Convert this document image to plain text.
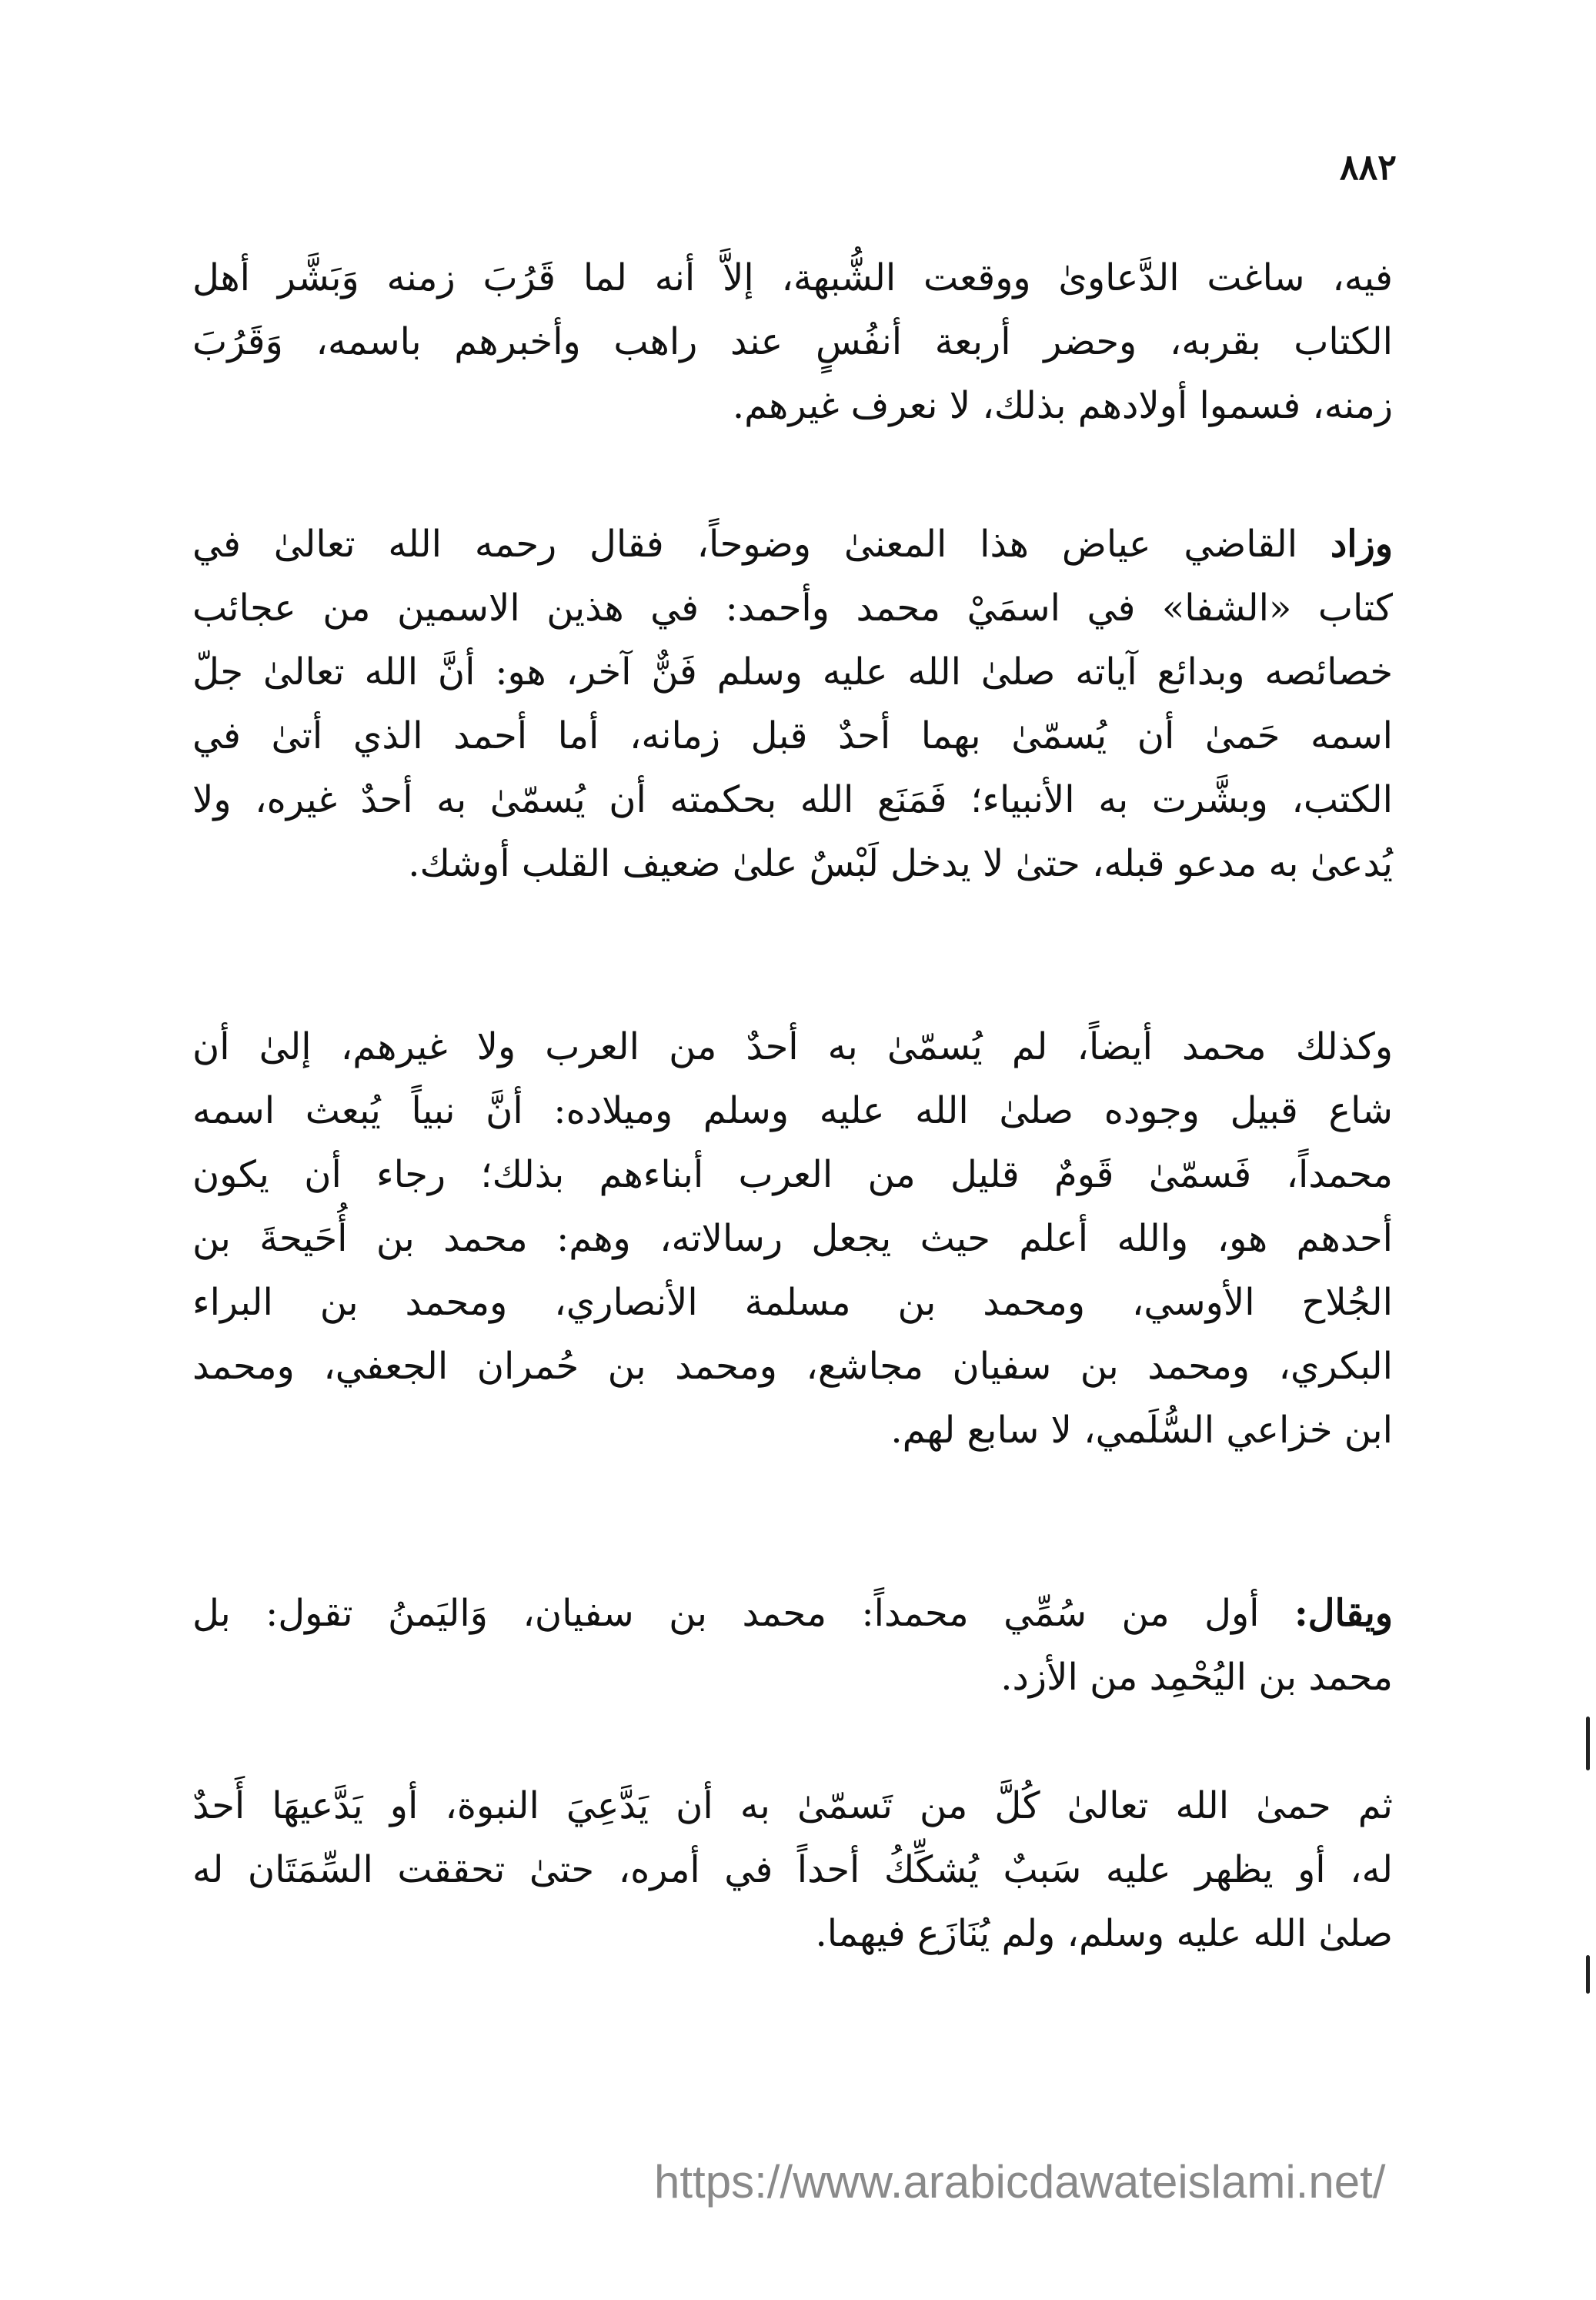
٨٨٢
فيه، ساغت الدَّعاوىٰ ووقعت الشُّبهة، إلاَّ أنه لما قَرُبَ زمنه وَبَشَّر أهل
الكتاب بقربه، وحضر أربعة أنفُسٍ عند راهب وأخبرهم باسمه، وَقَرُبَ
زمنه، فسموا أولادهم بذلك، لا نعرف غيرهم.
وزاد القاضي عياض هذا المعنىٰ وضوحاً، فقال رحمه الله تعالىٰ في
كتاب «الشفا» في اسمَيْ محمد وأحمد: في هذين الاسمين من عجائب
خصائصه وبدائع آياته صلىٰ الله عليه وسلم فَنٌّ آخر، هو: أنَّ الله تعالىٰ جلّ
اسمه حَمىٰ أن يُسمّىٰ بهما أحدٌ قبل زمانه، أما أحمد الذي أتىٰ في
الكتب، وبشَّرت به الأنبياء؛ فَمَنَع الله بحكمته أن يُسمّىٰ به أحدٌ غيره، ولا
يُدعىٰ به مدعو قبله، حتىٰ لا يدخل لَبْسٌ علىٰ ضعيف القلب أوشك.
وكذلك محمد أيضاً، لم يُسمّىٰ به أحدٌ من العرب ولا غيرهم، إلىٰ أن
شاع قبيل وجوده صلىٰ الله عليه وسلم وميلاده: أنَّ نبياً يُبعث اسمه
محمداً، فَسمّىٰ قَومٌ قليل من العرب أبناءهم بذلك؛ رجاء أن يكون
أحدهم هو، والله أعلم حيث يجعل رسالاته، وهم: محمد بن أُحَيحةَ بن
الجُلاح الأوسي، ومحمد بن مسلمة الأنصاري، ومحمد بن البراء
البكري، ومحمد بن سفيان مجاشع، ومحمد بن حُمران الجعفي، ومحمد
ابن خزاعي السُّلَمي، لا سابع لهم.
ويقال: أول من سُمِّي محمداً: محمد بن سفيان، وَاليَمنُ تقول: بل
محمد بن اليُحْمِد من الأزد.
ثم حمىٰ الله تعالىٰ كُلَّ من تَسمّىٰ به أن يَدَّعِيَ النبوة، أو يَدَّعيهَا أَحدٌ
له، أو يظهر عليه سَببٌ يُشكِّكُ أحداً في أمره، حتىٰ تحققت السِّمَتَان له
صلىٰ الله عليه وسلم، ولم يُنَازَع فيهما.
https://www.arabicdawateislami.net/
